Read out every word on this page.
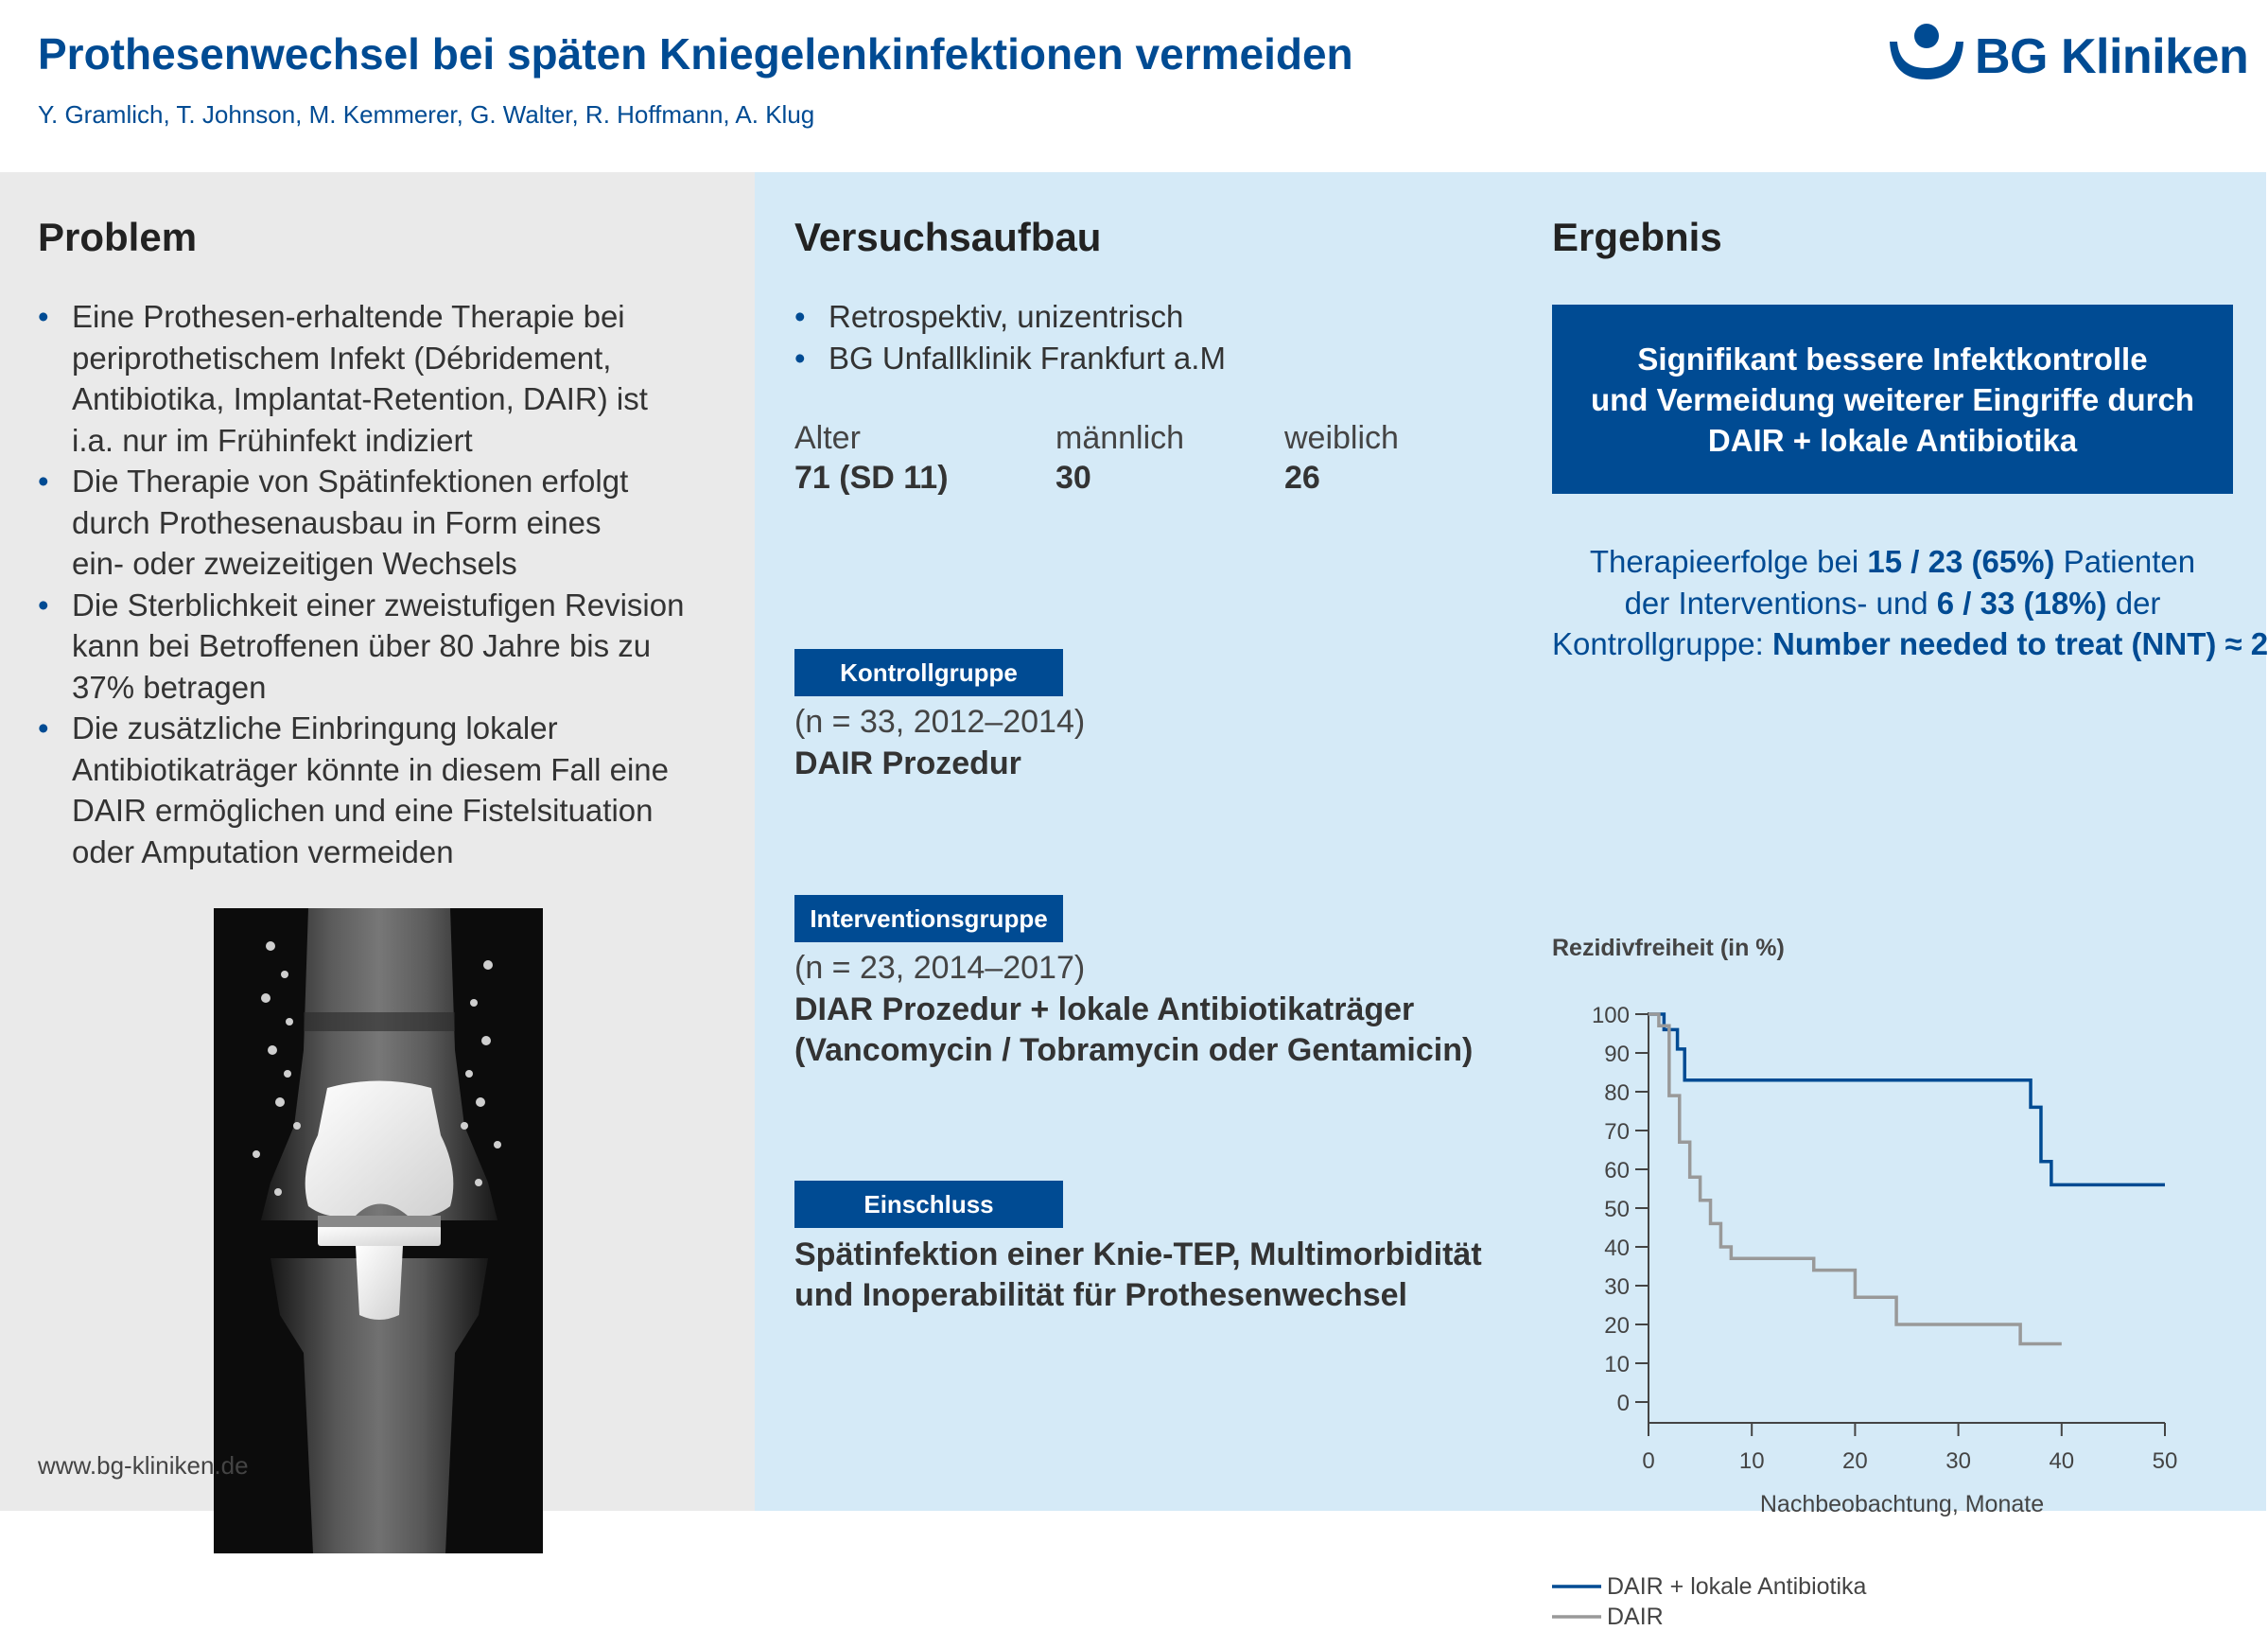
Prothesenwechsel bei späten Kniegelenkinfektionen vermeiden
Y. Gramlich, T. Johnson, M. Kemmerer, G. Walter, R. Hoffmann, A. Klug
BG Kliniken
Problem
• Eine Prothesen-erhaltende Therapie bei
periprothetischem Infekt (Débridement,
Antibiotika, Implantat-Retention, DAIR) ist
i.a. nur im Frühinfekt indiziert
• Die Therapie von Spätinfektionen erfolgt
durch Prothesenausbau in Form eines
ein- oder zweizeitigen Wechsels
• Die Sterblichkeit einer zweistufigen Revision
kann bei Betroffenen über 80 Jahre bis zu
37% betragen
• Die zusätzliche Einbringung lokaler
Antibiotikaträger könnte in diesem Fall eine
DAIR ermöglichen und eine Fistelsituation
oder Amputation vermeiden
www.bg-kliniken.de
Versuchsaufbau
• Retrospektiv, unizentrisch
• BG Unfallklinik Frankfurt a.M
Alter
71 (SD 11)
männlich
30
weiblich
26
Kontrollgruppe
(n = 33, 2012–2014)
DAIR Prozedur
Interventionsgruppe
(n = 23, 2014–2017)
DIAR Prozedur + lokale Antibiotikaträger
(Vancomycin / Tobramycin oder Gentamicin)
Einschluss
Spätinfektion einer Knie-TEP, Multimorbidität
und Inoperabilität für Prothesenwechsel
Ergebnis
Signifikant bessere Infektkontrolle
und Vermeidung weiterer Eingriffe durch
DAIR + lokale Antibiotika
Therapieerfolge bei 15 / 23 (65%) Patienten
der Interventions- und 6 / 33 (18%) der
Kontrollgruppe: Number needed to treat (NNT) ≈ 2
Rezidivfreiheit (in %)
0
10
20
30
40
50
60
70
80
90
100
0	10	20	30	40	50
Nachbeobachtung, Monate
DAIR + lokale Antibiotika
DAIR
